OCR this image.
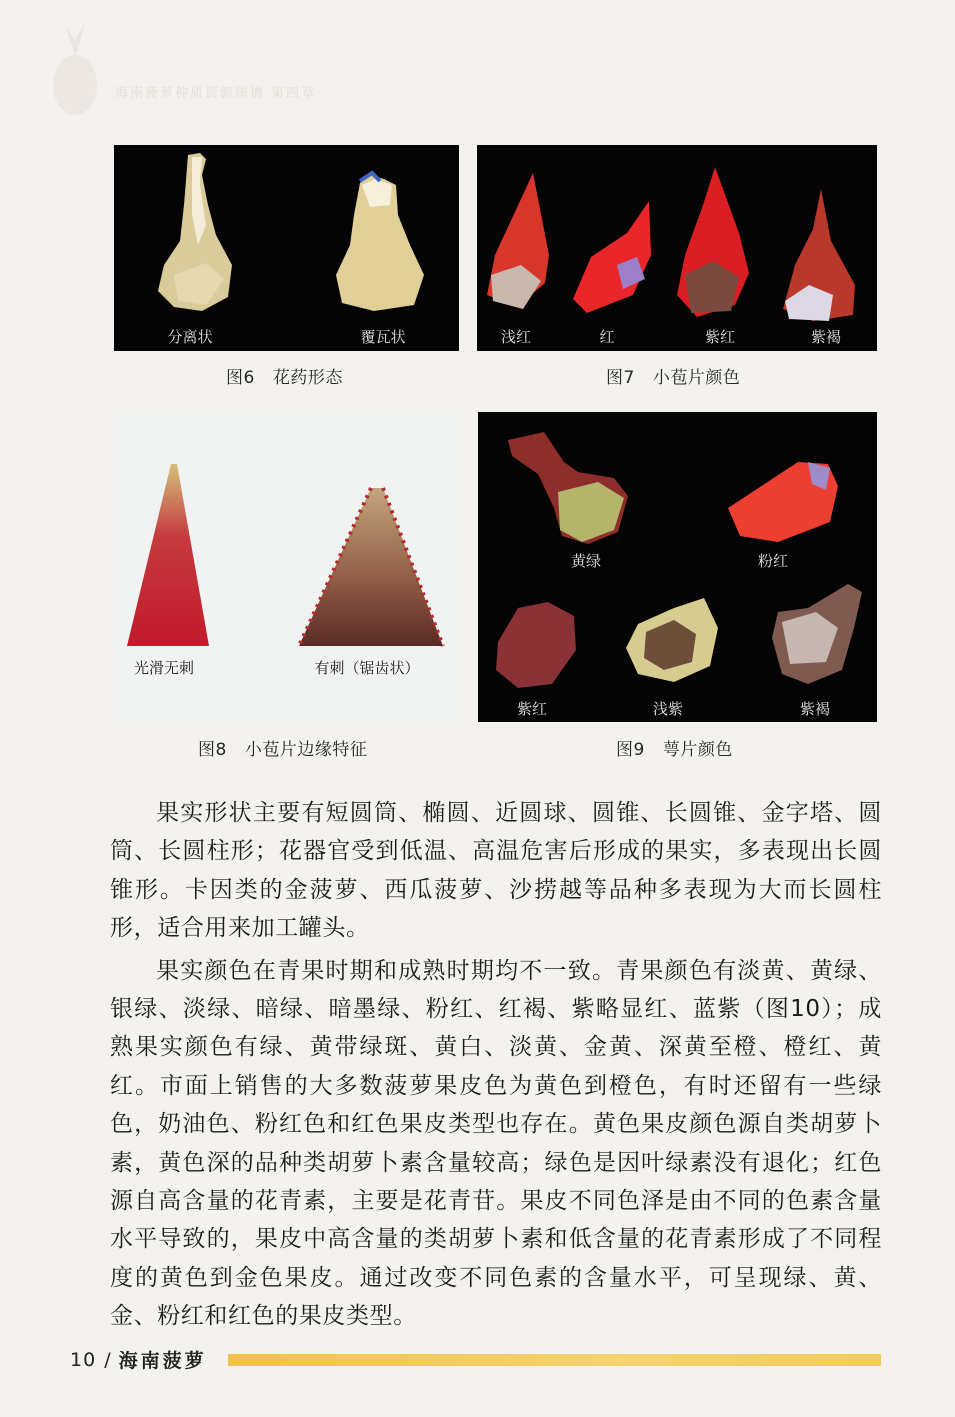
海南菠萝种质资源图谱 第四章
分离状	覆瓦状
图6 花药形态
浅红	红	紫红	紫褐
图7 小苞片颜色
光滑无刺	有刺（锯齿状）
图8 小苞片边缘特征
黄绿	粉红
紫红	浅紫	紫褐
图9 萼片颜色

果实形状主要有短圆筒、椭圆、近圆球、圆锥、长圆锥、金字塔、圆筒、长圆柱形；花器官受到低温、高温危害后形成的果实，多表现出长圆锥形。卡因类的金菠萝、西瓜菠萝、沙捞越等品种多表现为大而长圆柱形，适合用来加工罐头。

果实颜色在青果时期和成熟时期均不一致。青果颜色有淡黄、黄绿、银绿、淡绿、暗绿、暗墨绿、粉红、红褐、紫略显红、蓝紫（图10）；成熟果实颜色有绿、黄带绿斑、黄白、淡黄、金黄、深黄至橙、橙红、黄红。市面上销售的大多数菠萝果皮色为黄色到橙色，有时还留有一些绿色，奶油色、粉红色和红色果皮类型也存在。黄色果皮颜色源自类胡萝卜素，黄色深的品种类胡萝卜素含量较高；绿色是因叶绿素没有退化；红色源自高含量的花青素，主要是花青苷。果皮不同色泽是由不同的色素含量水平导致的，果皮中高含量的类胡萝卜素和低含量的花青素形成了不同程度的黄色到金色果皮。通过改变不同色素的含量水平，可呈现绿、黄、金、粉红和红色的果皮类型。

10 / 海南菠萝
